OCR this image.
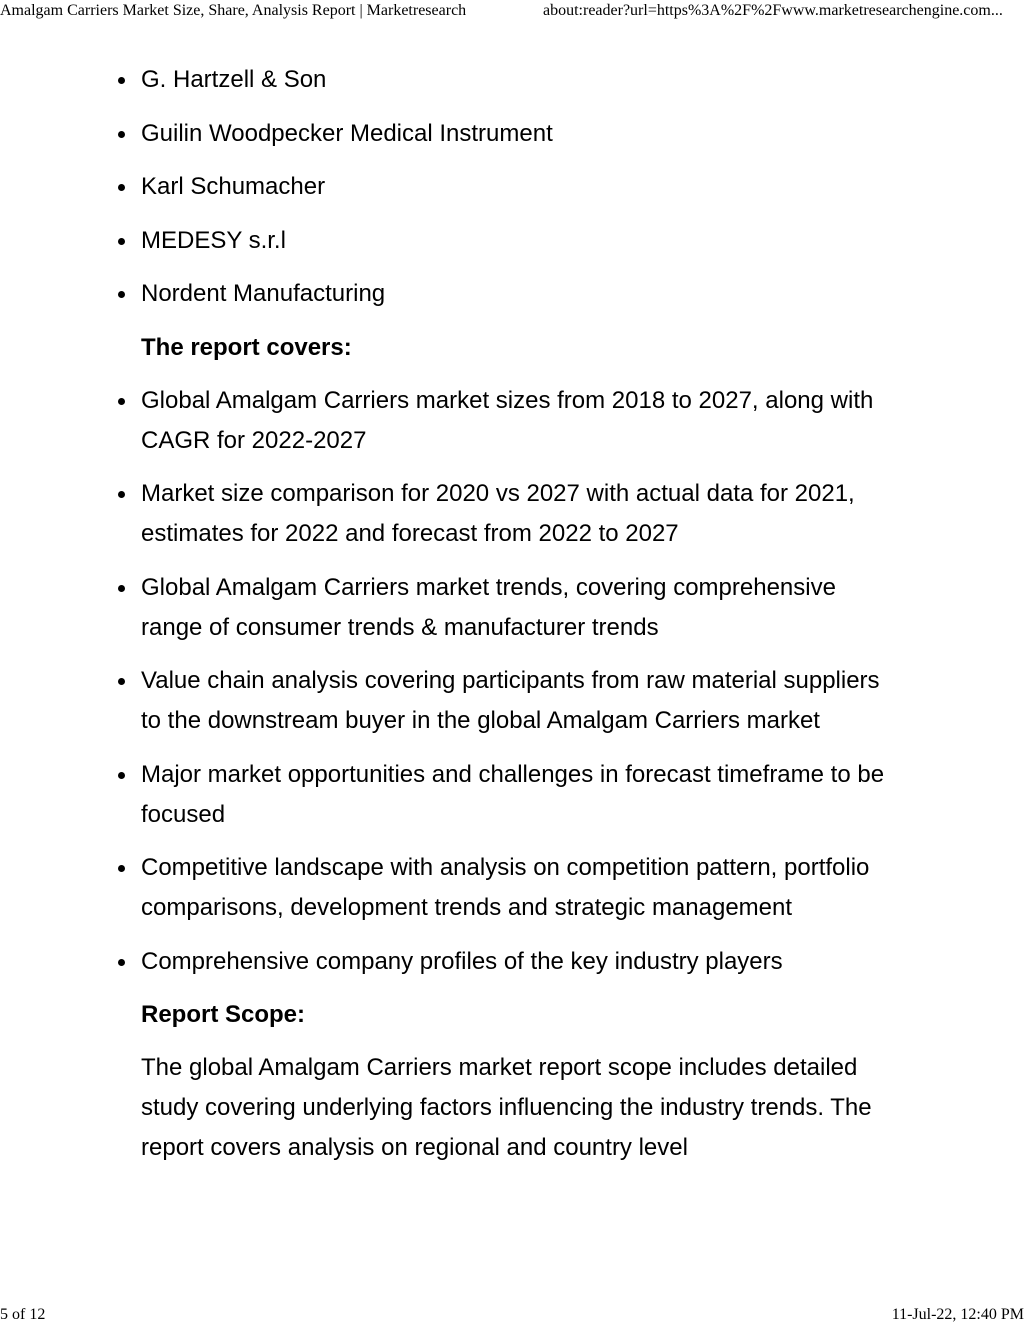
Amalgam Carriers Market Size, Share, Analysis Report | Marketresearch	about:reader?url=https%3A%2F%2Fwww.marketresearchengine.com...
G. Hartzell & Son
Guilin Woodpecker Medical Instrument
Karl Schumacher
MEDESY s.r.l
Nordent Manufacturing
The report covers:
Global Amalgam Carriers market sizes from 2018 to 2027, along with CAGR for 2022-2027
Market size comparison for 2020 vs 2027 with actual data for 2021, estimates for 2022 and forecast from 2022 to 2027
Global Amalgam Carriers market trends, covering comprehensive range of consumer trends & manufacturer trends
Value chain analysis covering participants from raw material suppliers to the downstream buyer in the global Amalgam Carriers market
Major market opportunities and challenges in forecast timeframe to be focused
Competitive landscape with analysis on competition pattern, portfolio comparisons, development trends and strategic management
Comprehensive company profiles of the key industry players
Report Scope:

The global Amalgam Carriers market report scope includes detailed study covering underlying factors influencing the industry trends. The report covers analysis on regional and country level

5 of 12	11-Jul-22, 12:40 PM
